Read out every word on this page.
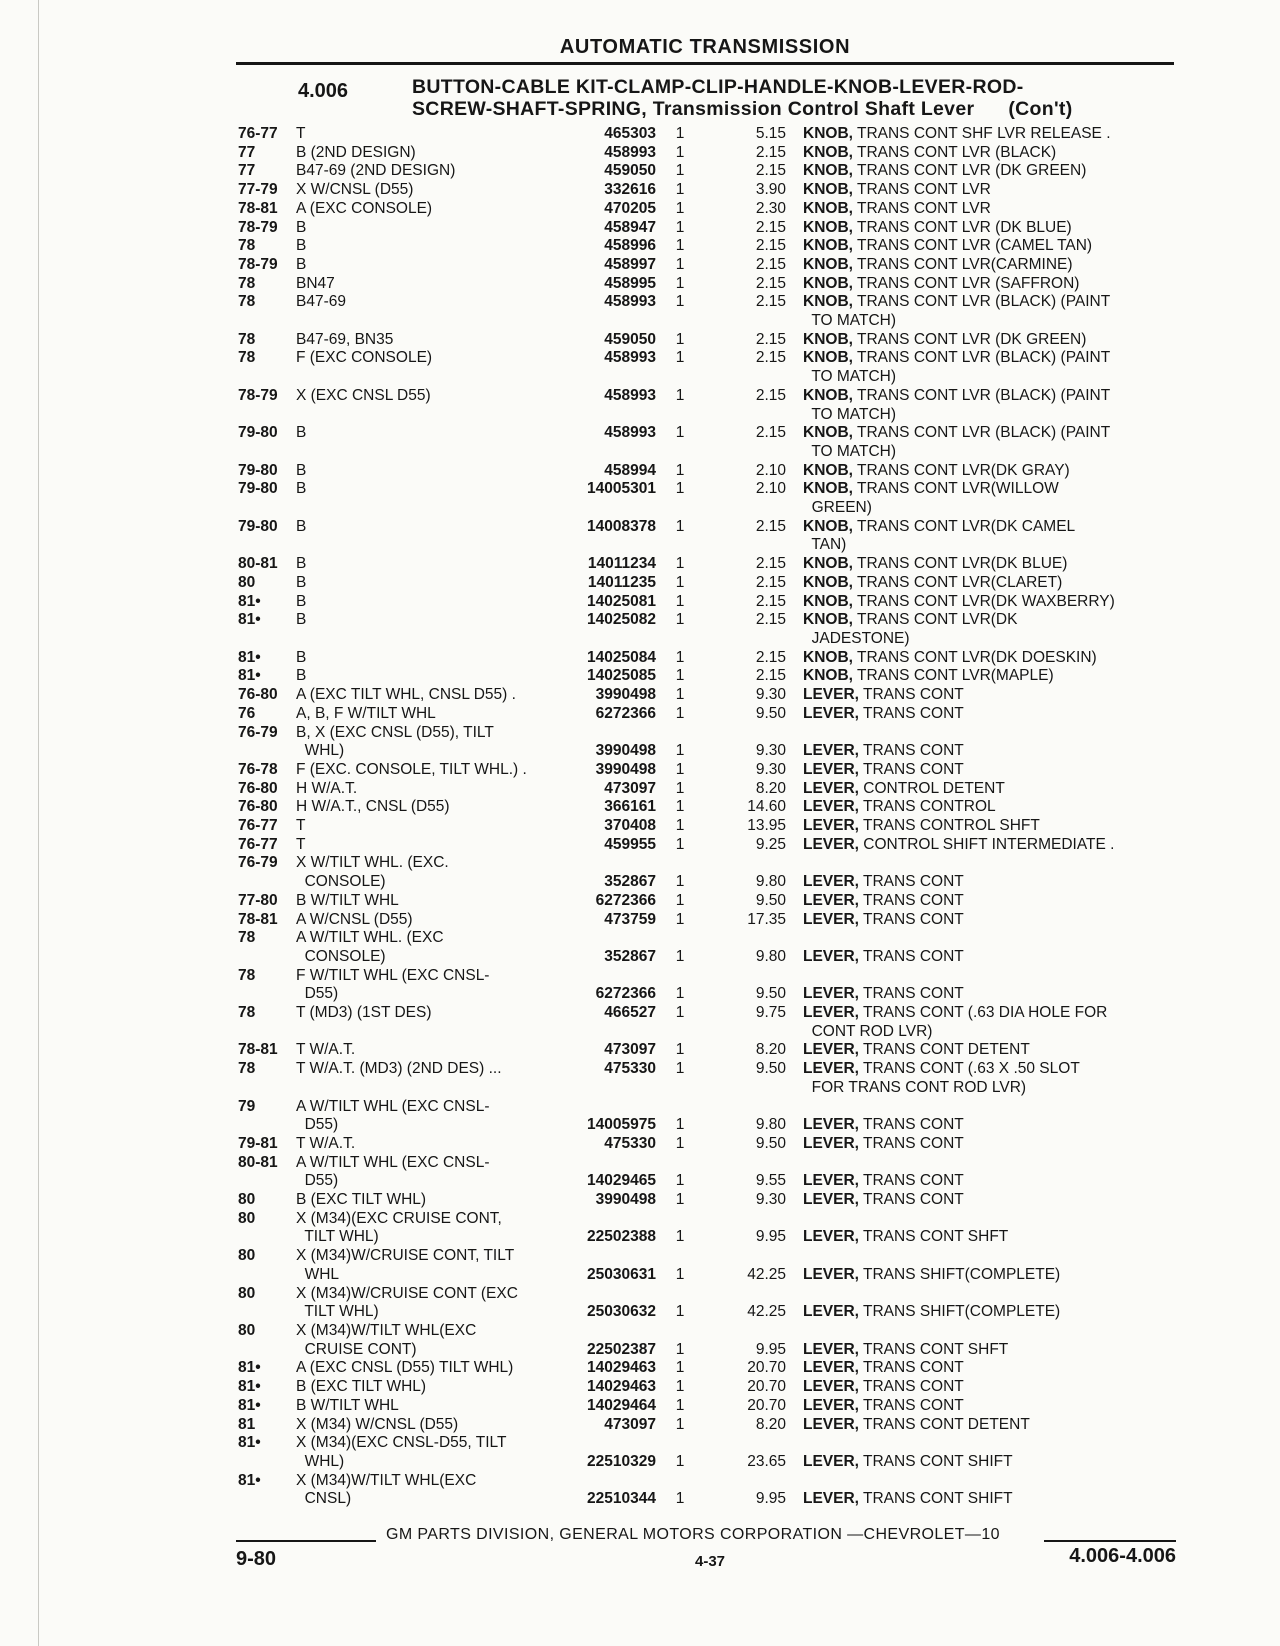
AUTOMATIC TRANSMISSION
4.006	BUTTON-CABLE KIT-CLAMP-CLIP-HANDLE-KNOB-LEVER-ROD-
SCREW-SHAFT-SPRING, Transmission Control Shaft Lever (Con't)
76-77	T	465303	1	5.15 KNOB, TRANS CONT SHF LVR RELEASE .
77	B (2ND DESIGN)	458993	1	2.15 KNOB, TRANS CONT LVR (BLACK)
77	B47-69 (2ND DESIGN)	459050	1	2.15 KNOB, TRANS CONT LVR (DK GREEN)
77-79	X W/CNSL (D55)	332616	1	3.90 KNOB, TRANS CONT LVR
78-81	A (EXC CONSOLE)	470205	1	2.30 KNOB, TRANS CONT LVR
78-79	B	458947	1	2.15 KNOB, TRANS CONT LVR (DK BLUE)
78	B	458996	1	2.15 KNOB, TRANS CONT LVR (CAMEL TAN)
78-79	B	458997	1	2.15 KNOB, TRANS CONT LVR(CARMINE)
78	BN47	458995	1	2.15 KNOB, TRANS CONT LVR (SAFFRON)
78	B47-69	458993	1	2.15 KNOB, TRANS CONT LVR (BLACK) (PAINT
TO MATCH)
78	B47-69, BN35	459050	1	2.15 KNOB, TRANS CONT LVR (DK GREEN)
78	F (EXC CONSOLE)	458993	1	2.15 KNOB, TRANS CONT LVR (BLACK) (PAINT
TO MATCH)
78-79	X (EXC CNSL D55)	458993	1	2.15 KNOB, TRANS CONT LVR (BLACK) (PAINT
TO MATCH)
79-80	B	458993	1	2.15 KNOB, TRANS CONT LVR (BLACK) (PAINT
TO MATCH)
79-80	B	458994	1	2.10 KNOB, TRANS CONT LVR(DK GRAY)
79-80	B	14005301	1	2.10 KNOB, TRANS CONT LVR(WILLOW
GREEN)
79-80	B	14008378	1	2.15 KNOB, TRANS CONT LVR(DK CAMEL
TAN)
80-81	B	14011234	1	2.15 KNOB, TRANS CONT LVR(DK BLUE)
80	B	14011235	1	2.15 KNOB, TRANS CONT LVR(CLARET)
81•	B	14025081	1	2.15 KNOB, TRANS CONT LVR(DK WAXBERRY)
81•	B	14025082	1	2.15 KNOB, TRANS CONT LVR(DK
JADESTONE)
81•	B	14025084	1	2.15 KNOB, TRANS CONT LVR(DK DOESKIN)
81•	B	14025085	1	2.15 KNOB, TRANS CONT LVR(MAPLE)
76-80	A (EXC TILT WHL, CNSL D55) .	3990498	1	9.30 LEVER, TRANS CONT
76	A, B, F W/TILT WHL	6272366	1	9.50 LEVER, TRANS CONT
76-79	B, X (EXC CNSL (D55), TILT
WHL)	3990498	1	9.30 LEVER, TRANS CONT
76-78	F (EXC. CONSOLE, TILT WHL.) .	3990498	1	9.30 LEVER, TRANS CONT
76-80	H W/A.T.	473097	1	8.20 LEVER, CONTROL DETENT
76-80	H W/A.T., CNSL (D55)	366161	1	14.60 LEVER, TRANS CONTROL
76-77	T	370408	1	13.95 LEVER, TRANS CONTROL SHFT
76-77	T	459955	1	9.25 LEVER, CONTROL SHIFT INTERMEDIATE .
76-79	X W/TILT WHL. (EXC.
CONSOLE)	352867	1	9.80 LEVER, TRANS CONT
77-80	B W/TILT WHL	6272366	1	9.50 LEVER, TRANS CONT
78-81	A W/CNSL (D55)	473759	1	17.35 LEVER, TRANS CONT
78	A W/TILT WHL. (EXC
CONSOLE)	352867	1	9.80 LEVER, TRANS CONT
78	F W/TILT WHL (EXC CNSL-
D55)	6272366	1	9.50 LEVER, TRANS CONT
78	T (MD3) (1ST DES)	466527	1	9.75 LEVER, TRANS CONT (.63 DIA HOLE FOR
CONT ROD LVR)
78-81	T W/A.T.	473097	1	8.20 LEVER, TRANS CONT DETENT
78	T W/A.T. (MD3) (2ND DES) ...	475330	1	9.50 LEVER, TRANS CONT (.63 X .50 SLOT
FOR TRANS CONT ROD LVR)
79	A W/TILT WHL (EXC CNSL-
D55)	14005975	1	9.80 LEVER, TRANS CONT
79-81	T W/A.T.	475330	1	9.50 LEVER, TRANS CONT
80-81	A W/TILT WHL (EXC CNSL-
D55)	14029465	1	9.55 LEVER, TRANS CONT
80	B (EXC TILT WHL)	3990498	1	9.30 LEVER, TRANS CONT
80	X (M34)(EXC CRUISE CONT,
TILT WHL)	22502388	1	9.95 LEVER, TRANS CONT SHFT
80	X (M34)W/CRUISE CONT, TILT
WHL	25030631	1	42.25 LEVER, TRANS SHIFT(COMPLETE)
80	X (M34)W/CRUISE CONT (EXC
TILT WHL)	25030632	1	42.25 LEVER, TRANS SHIFT(COMPLETE)
80	X (M34)W/TILT WHL(EXC
CRUISE CONT)	22502387	1	9.95 LEVER, TRANS CONT SHFT
81•	A (EXC CNSL (D55) TILT WHL)	14029463	1	20.70 LEVER, TRANS CONT
81•	B (EXC TILT WHL)	14029463	1	20.70 LEVER, TRANS CONT
81•	B W/TILT WHL	14029464	1	20.70 LEVER, TRANS CONT
81	X (M34) W/CNSL (D55)	473097	1	8.20 LEVER, TRANS CONT DETENT
81•	X (M34)(EXC CNSL-D55, TILT
WHL)	22510329	1	23.65 LEVER, TRANS CONT SHIFT
81•	X (M34)W/TILT WHL(EXC
CNSL)	22510344	1	9.95 LEVER, TRANS CONT SHIFT
GM PARTS DIVISION, GENERAL MOTORS CORPORATION —CHEVROLET—10
9-80	4-37	4.006-4.006
